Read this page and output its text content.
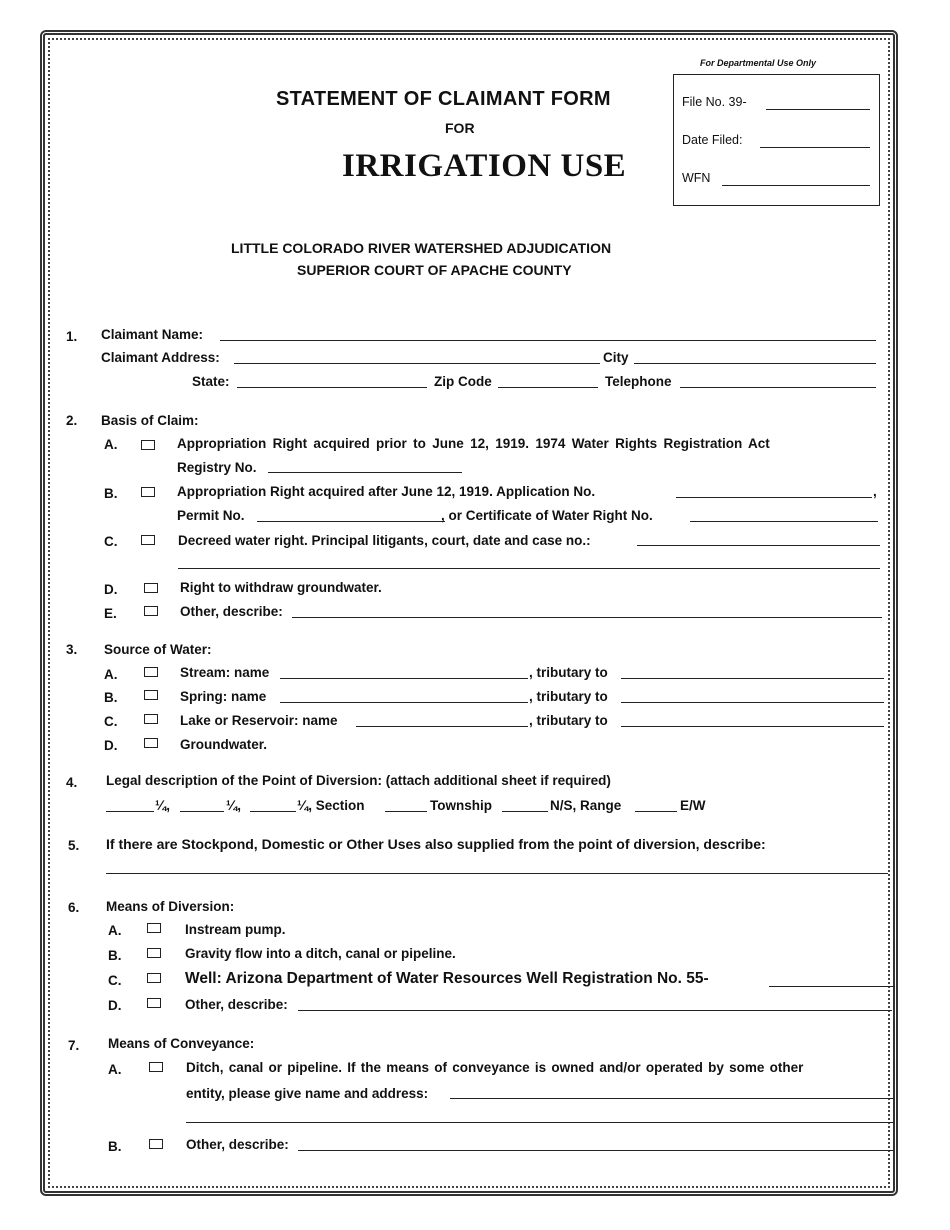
For Departmental Use Only
File No. 39-
Date Filed:
WFN
STATEMENT OF CLAIMANT FORM
FOR
IRRIGATION USE
LITTLE COLORADO RIVER WATERSHED ADJUDICATION
SUPERIOR COURT OF APACHE COUNTY
1. Claimant Name:
Claimant Address:	City
State:	Zip Code	Telephone
2. Basis of Claim:
A.	Appropriation Right acquired prior to June 12, 1919. 1974 Water Rights Registration Act
Registry No.
B.	Appropriation Right acquired after June 12, 1919. Application No.	,
Permit No.	, or Certificate of Water Right No.
C.	Decreed water right. Principal litigants, court, date and case no.:
D.	Right to withdraw groundwater.
E.	Other, describe:
3. Source of Water:
A.	Stream: name	, tributary to
B.	Spring: name	, tributary to
C.	Lake or Reservoir: name	, tributary to
D.	Groundwater.
4. Legal description of the Point of Diversion: (attach additional sheet if required)
¼,	¼,	¼, Section	Township	N/S, Range	E/W
5. If there are Stockpond, Domestic or Other Uses also supplied from the point of diversion, describe:
6. Means of Diversion:
A.	Instream pump.
B.	Gravity flow into a ditch, canal or pipeline.
C.	Well: Arizona Department of Water Resources Well Registration No. 55-
D.	Other, describe:
7. Means of Conveyance:
A.	Ditch, canal or pipeline. If the means of conveyance is owned and/or operated by some other
entity, please give name and address:
B.	Other, describe:
